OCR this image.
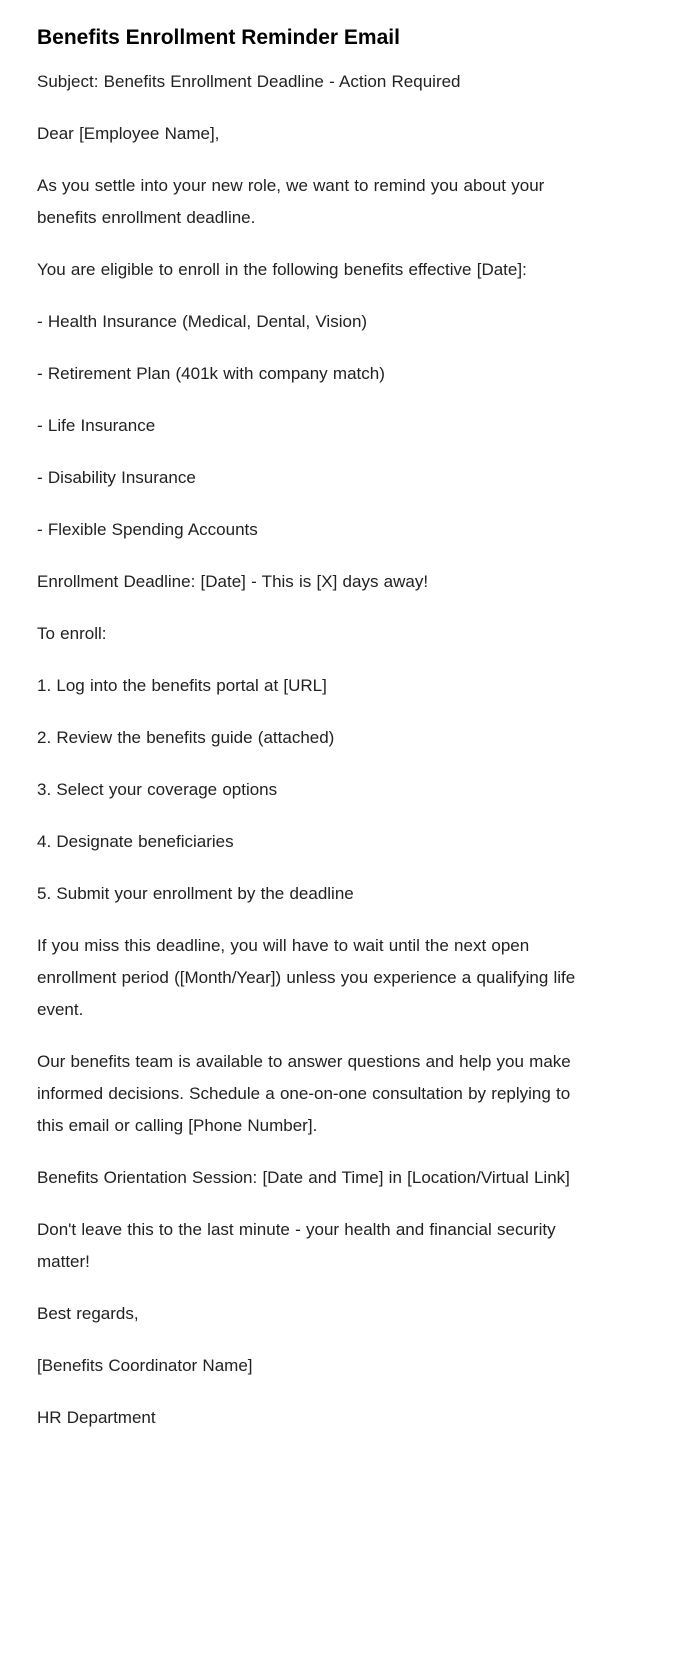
Benefits Enrollment Reminder Email

Subject: Benefits Enrollment Deadline - Action Required

Dear [Employee Name],

As you settle into your new role, we want to remind you about your benefits enrollment deadline.

You are eligible to enroll in the following benefits effective [Date]:

- Health Insurance (Medical, Dental, Vision)

- Retirement Plan (401k with company match)

- Life Insurance

- Disability Insurance

- Flexible Spending Accounts

Enrollment Deadline: [Date] - This is [X] days away!

To enroll:

1. Log into the benefits portal at [URL]

2. Review the benefits guide (attached)

3. Select your coverage options

4. Designate beneficiaries

5. Submit your enrollment by the deadline

If you miss this deadline, you will have to wait until the next open enrollment period ([Month/Year]) unless you experience a qualifying life event.

Our benefits team is available to answer questions and help you make informed decisions. Schedule a one-on-one consultation by replying to this email or calling [Phone Number].

Benefits Orientation Session: [Date and Time] in [Location/Virtual Link]

Don't leave this to the last minute - your health and financial security matter!

Best regards,

[Benefits Coordinator Name]

HR Department
